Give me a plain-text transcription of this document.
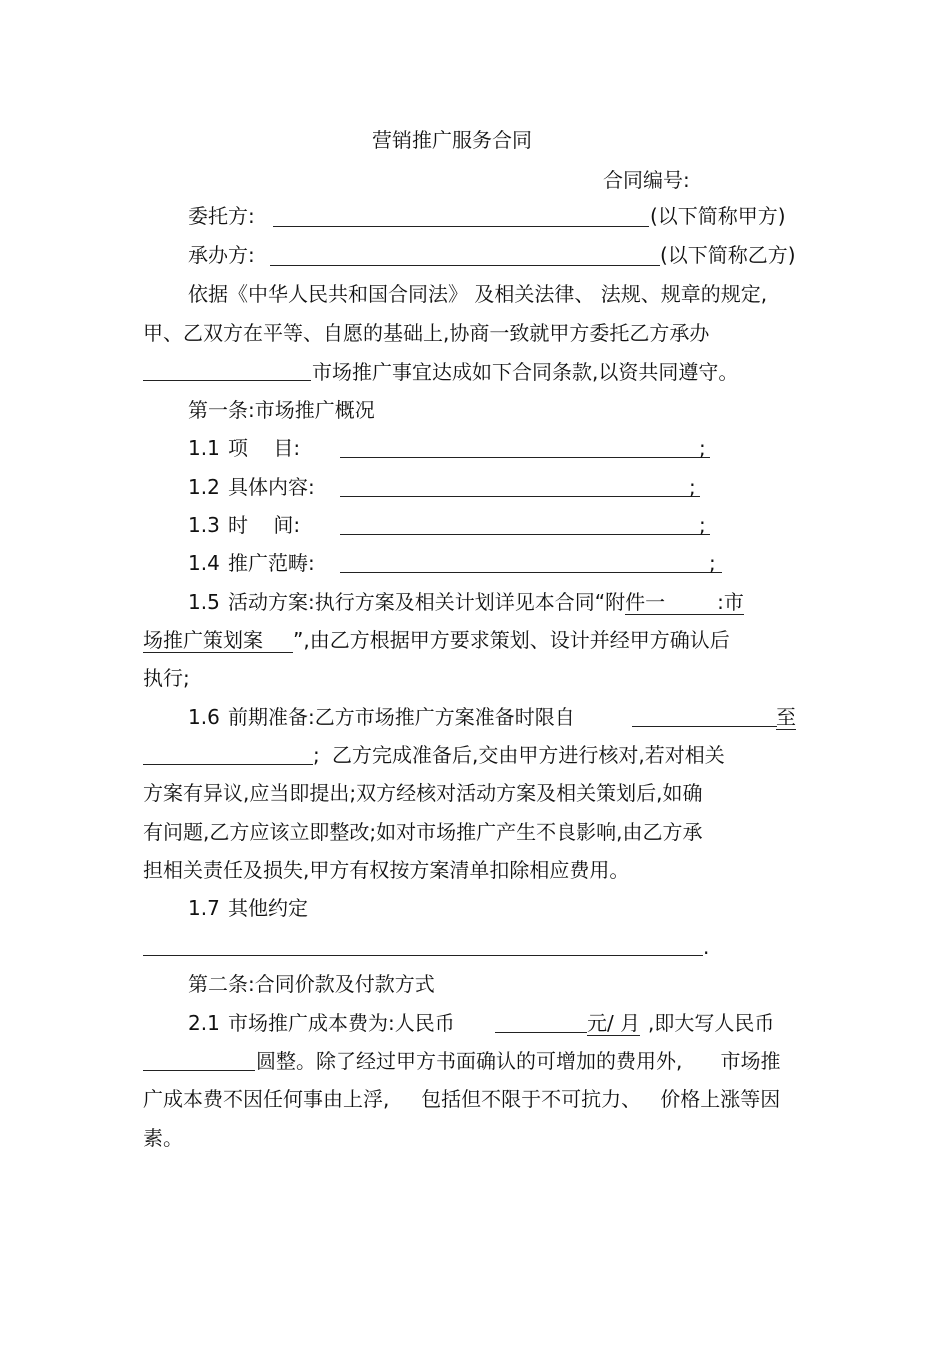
营销推广服务合同
合同编号:
委托方:	(以下简称甲方)
承办方:	(以下简称乙方)
依据《中华人民共和国合同法》 及相关法律、 法规、规章的规定,
甲、乙双方在平等、自愿的基础上,协商一致就甲方委托乙方承办
市场推广事宜达成如下合同条款,以资共同遵守。
第一条:市场推广概况
1.1 项    目:	;
1.2 具体内容:	;
1.3 时    间:	;
1.4 推广范畴:	;
1.5 活动方案:执行方案及相关计划详见本合同“附件一	:市
场推广策划案 ”,由乙方根据甲方要求策划、设计并经甲方确认后
执行;
1.6 前期准备:乙方市场推广方案准备时限自	至
; 乙方完成准备后,交由甲方进行核对,若对相关
方案有异议,应当即提出;双方经核对活动方案及相关策划后,如确
有问题,乙方应该立即整改;如对市场推广产生不良影响,由乙方承
担相关责任及损失,甲方有权按方案清单扣除相应费用。
1.7 其他约定
.
第二条:合同价款及付款方式
2.1 市场推广成本费为:人民币	元/ 月 ,即大写人民币
圆整。除了经过甲方书面确认的可增加的费用外,      市场推
广成本费不因任何事由上浮,     包括但不限于不可抗力、   价格上涨等因
素。
